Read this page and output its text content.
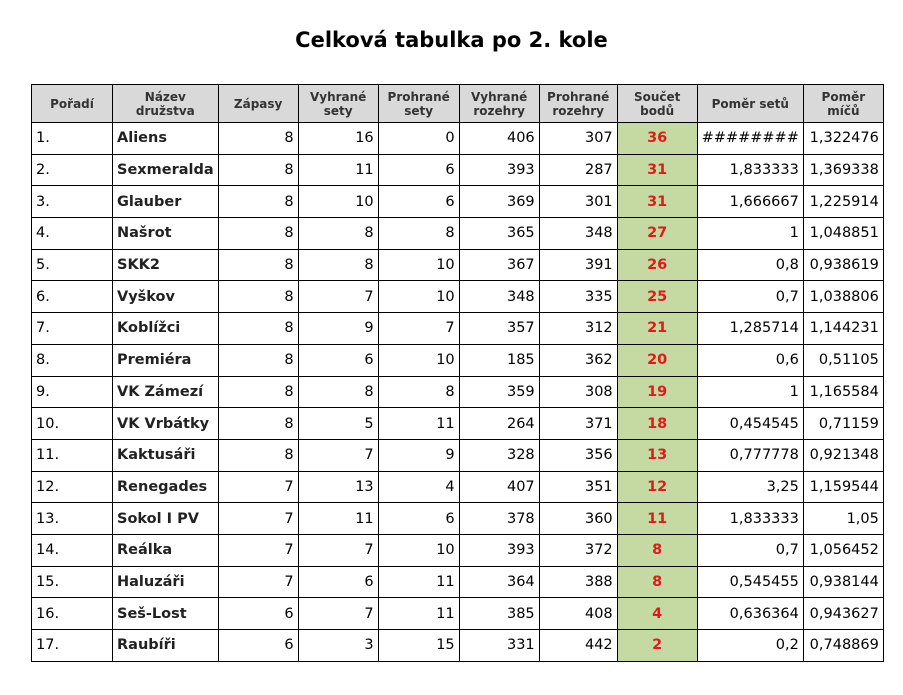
Celková tabulka po 2. kole
Pořadí	Název družstva	Zápasy	Vyhrané sety	Prohrané sety	Vyhrané rozehry	Prohrané rozehry	Součet bodů	Poměr setů	Poměr míčů
1.	Aliens	8	16	0	406	307	36	########	1,322476
2.	Sexmeralda	8	11	6	393	287	31	1,833333	1,369338
3.	Glauber	8	10	6	369	301	31	1,666667	1,225914
4.	Našrot	8	8	8	365	348	27	1	1,048851
5.	SKK2	8	8	10	367	391	26	0,8	0,938619
6.	Vyškov	8	7	10	348	335	25	0,7	1,038806
7.	Koblížci	8	9	7	357	312	21	1,285714	1,144231
8.	Premiéra	8	6	10	185	362	20	0,6	0,51105
9.	VK Zámezí	8	8	8	359	308	19	1	1,165584
10.	VK Vrbátky	8	5	11	264	371	18	0,454545	0,71159
11.	Kaktusáři	8	7	9	328	356	13	0,777778	0,921348
12.	Renegades	7	13	4	407	351	12	3,25	1,159544
13.	Sokol I PV	7	11	6	378	360	11	1,833333	1,05
14.	Reálka	7	7	10	393	372	8	0,7	1,056452
15.	Haluzáři	7	6	11	364	388	8	0,545455	0,938144
16.	Seš-Lost	6	7	11	385	408	4	0,636364	0,943627
17.	Raubíři	6	3	15	331	442	2	0,2	0,748869
